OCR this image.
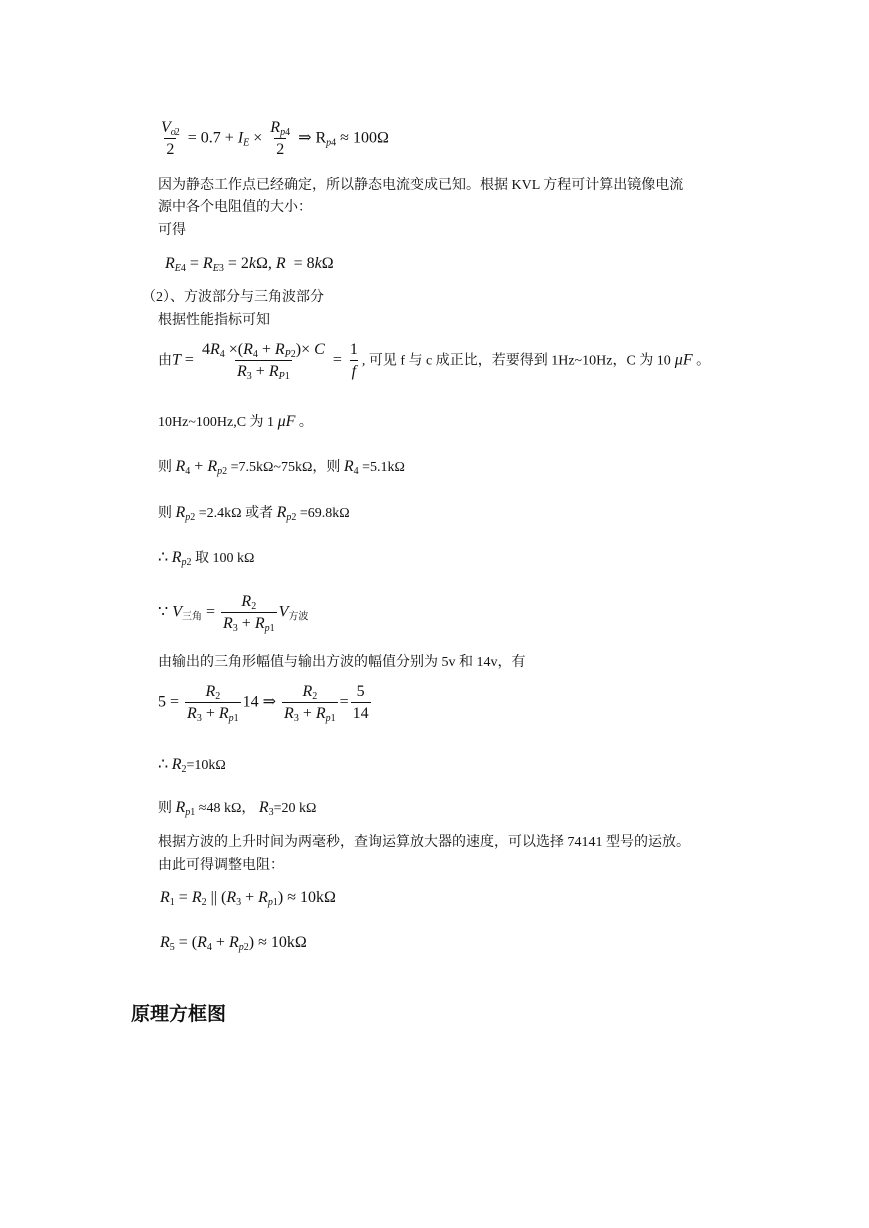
$\frac{V_{o2}}{2} = 0.7 + I_E \times \frac{R_{p4}}{2}$ ⇒ $R_{p4} \approx 100\Omega$
因为静态工作点已经确定，所以静态电流变成已知。根据 KVL 方程可计算出镜像电流
源中各个电阻值的大小：
可得
$R_{E4} = R_{E3} = 2k\Omega$, R  = 8kΩ
（2）、方波部分与三角波部分
根据性能指标可知
由$T = \frac{4R_4 \times(R_4 + R_{P2})\times C}{R_3 + R_{P1}} = \frac{1}{f}$ , 可见 f 与 c 成正比，若要得到 1Hz~10Hz，C 为 10 μF 。
10Hz~100Hz,C 为 1 μF 。
则 $R_4 + R_{p2}$ =7.5kΩ~75kΩ，则 $R_4 =5.1k\Omega$
则 $R_{p2} =2.4k\Omega$ 或者 $R_{p2} =69.8k\Omega$
∴ $R_{p2}$ 取 100 kΩ
∵ $V_{三角} = \frac{R_2}{R_3 + R_{p1}} V_{方波}$
由输出的三角形幅值与输出方波的幅值分别为 5v 和 14v，有
$5 = \frac{R_2}{R_3 + R_{p1}} 14$ ⇒ $\frac{R_2}{R_3 + R_{p1}} = \frac{5}{14}$
∴ $R_2=10k\Omega$
则 $R_{p1} \approx 48$ kΩ， $R_3=20$ kΩ
根据方波的上升时间为两毫秒，查询运算放大器的速度，可以选择 74141 型号的运放。
由此可得调整电阻：
$R_1 = R_2$ || $(R_3 + R_{p1}) \approx 10k\Omega$
$R_5 = (R_4 + R_{p2}) \approx 10k\Omega$
原理方框图
